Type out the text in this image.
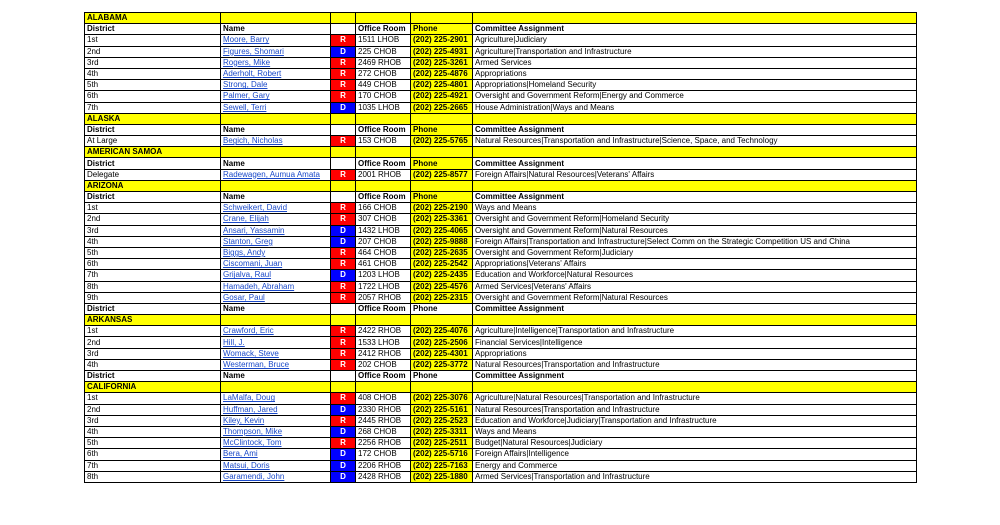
ALABAMA					
District	Name		Office Room	Phone	Committee Assignment
1st	Moore, Barry	R	1511 LHOB	(202) 225-2901	Agriculture|Judiciary
2nd	Figures, Shomari	D	225 CHOB	(202) 225-4931	Agriculture|Transportation and Infrastructure
3rd	Rogers, Mike	R	2469 RHOB	(202) 225-3261	Armed Services
4th	Aderholt, Robert	R	272 CHOB	(202) 225-4876	Appropriations
5th	Strong, Dale	R	449 CHOB	(202) 225-4801	Appropriations|Homeland Security
6th	Palmer, Gary	R	170 CHOB	(202) 225-4921	Oversight and Government Reform|Energy and Commerce
7th	Sewell, Terri	D	1035 LHOB	(202) 225-2665	House Administration|Ways and Means
ALASKA					
District	Name		Office Room	Phone	Committee Assignment
At Large	Begich, Nicholas	R	153 CHOB	(202) 225-5765	Natural Resources|Transportation and Infrastructure|Science, Space, and Technology
AMERICAN SAMOA					
District	Name		Office Room	Phone	Committee Assignment
Delegate	Radewagen, Aumua Amata	R	2001 RHOB	(202) 225-8577	Foreign Affairs|Natural Resources|Veterans' Affairs
ARIZONA					
District	Name		Office Room	Phone	Committee Assignment
1st	Schweikert, David	R	166 CHOB	(202) 225-2190	Ways and Means
2nd	Crane, Elijah	R	307 CHOB	(202) 225-3361	Oversight and Government Reform|Homeland Security
3rd	Ansari, Yassamin	D	1432 LHOB	(202) 225-4065	Oversight and Government Reform|Natural Resources
4th	Stanton, Greg	D	207 CHOB	(202) 225-9888	Foreign Affairs|Transportation and Infrastructure|Select Comm on the Strategic Competition US and China
5th	Biggs, Andy	R	464 CHOB	(202) 225-2635	Oversight and Government Reform|Judiciary
6th	Ciscomani, Juan	R	461 CHOB	(202) 225-2542	Appropriations|Veterans' Affairs
7th	Grijalva, Raul	D	1203 LHOB	(202) 225-2435	Education and Workforce|Natural Resources
8th	Hamadeh, Abraham	R	1722 LHOB	(202) 225-4576	Armed Services|Veterans' Affairs
9th	Gosar, Paul	R	2057 RHOB	(202) 225-2315	Oversight and Government Reform|Natural Resources
District	Name		Office Room	Phone	Committee Assignment
ARKANSAS					
1st	Crawford, Eric	R	2422 RHOB	(202) 225-4076	Agriculture|Intelligence|Transportation and Infrastructure
2nd	Hill, J.	R	1533 LHOB	(202) 225-2506	Financial Services|Intelligence
3rd	Womack, Steve	R	2412 RHOB	(202) 225-4301	Appropriations
4th	Westerman, Bruce	R	202 CHOB	(202) 225-3772	Natural Resources|Transportation and Infrastructure
District	Name		Office Room	Phone	Committee Assignment
CALIFORNIA					
1st	LaMalfa, Doug	R	408 CHOB	(202) 225-3076	Agriculture|Natural Resources|Transportation and Infrastructure
2nd	Huffman, Jared	D	2330 RHOB	(202) 225-5161	Natural Resources|Transportation and Infrastructure
3rd	Kiley, Kevin	R	2445 RHOB	(202) 225-2523	Education and Workforce|Judiciary|Transportation and Infrastructure
4th	Thompson, Mike	D	268 CHOB	(202) 225-3311	Ways and Means
5th	McClintock, Tom	R	2256 RHOB	(202) 225-2511	Budget|Natural Resources|Judiciary
6th	Bera, Ami	D	172 CHOB	(202) 225-5716	Foreign Affairs|Intelligence
7th	Matsui, Doris	D	2206 RHOB	(202) 225-7163	Energy and Commerce
8th	Garamendi, John	D	2428 RHOB	(202) 225-1880	Armed Services|Transportation and Infrastructure
